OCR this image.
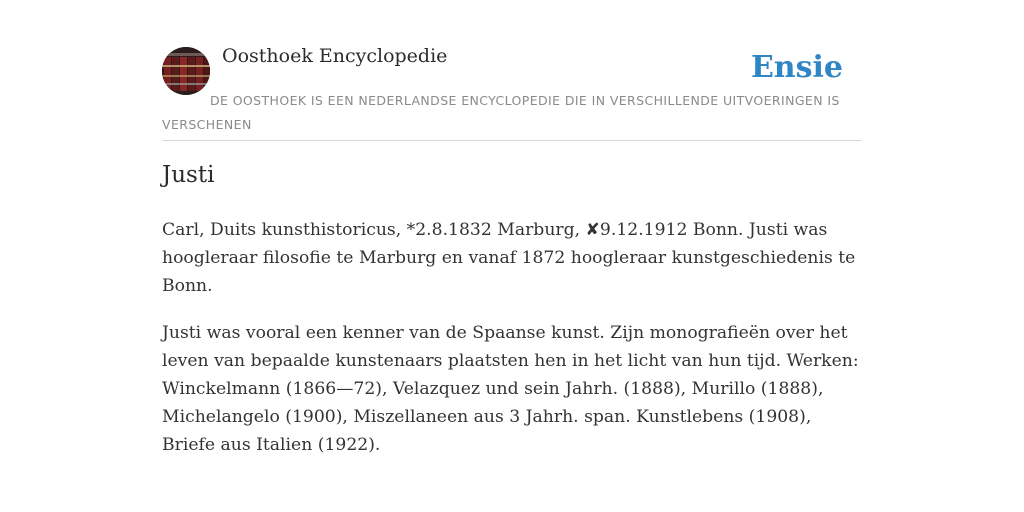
Oosthoek Encyclopedie	Ensie

DE OOSTHOEK IS EEN NEDERLANDSE ENCYCLOPEDIE DIE IN VERSCHILLENDE UITVOERINGEN IS VERSCHENEN

Justi

Carl, Duits kunsthistoricus, *2.8.1832 Marburg, ✘9.12.1912 Bonn. Justi was hoogleraar filosofie te Marburg en vanaf 1872 hoogleraar kunstgeschiedenis te Bonn.

Justi was vooral een kenner van de Spaanse kunst. Zijn monografieën over het leven van bepaalde kunstenaars plaatsten hen in het licht van hun tijd. Werken: Winckelmann (1866—72), Velazquez und sein Jahrh. (1888), Murillo (1888), Michelangelo (1900), Miszellaneen aus 3 Jahrh. span. Kunstlebens (1908), Briefe aus Italien (1922).
